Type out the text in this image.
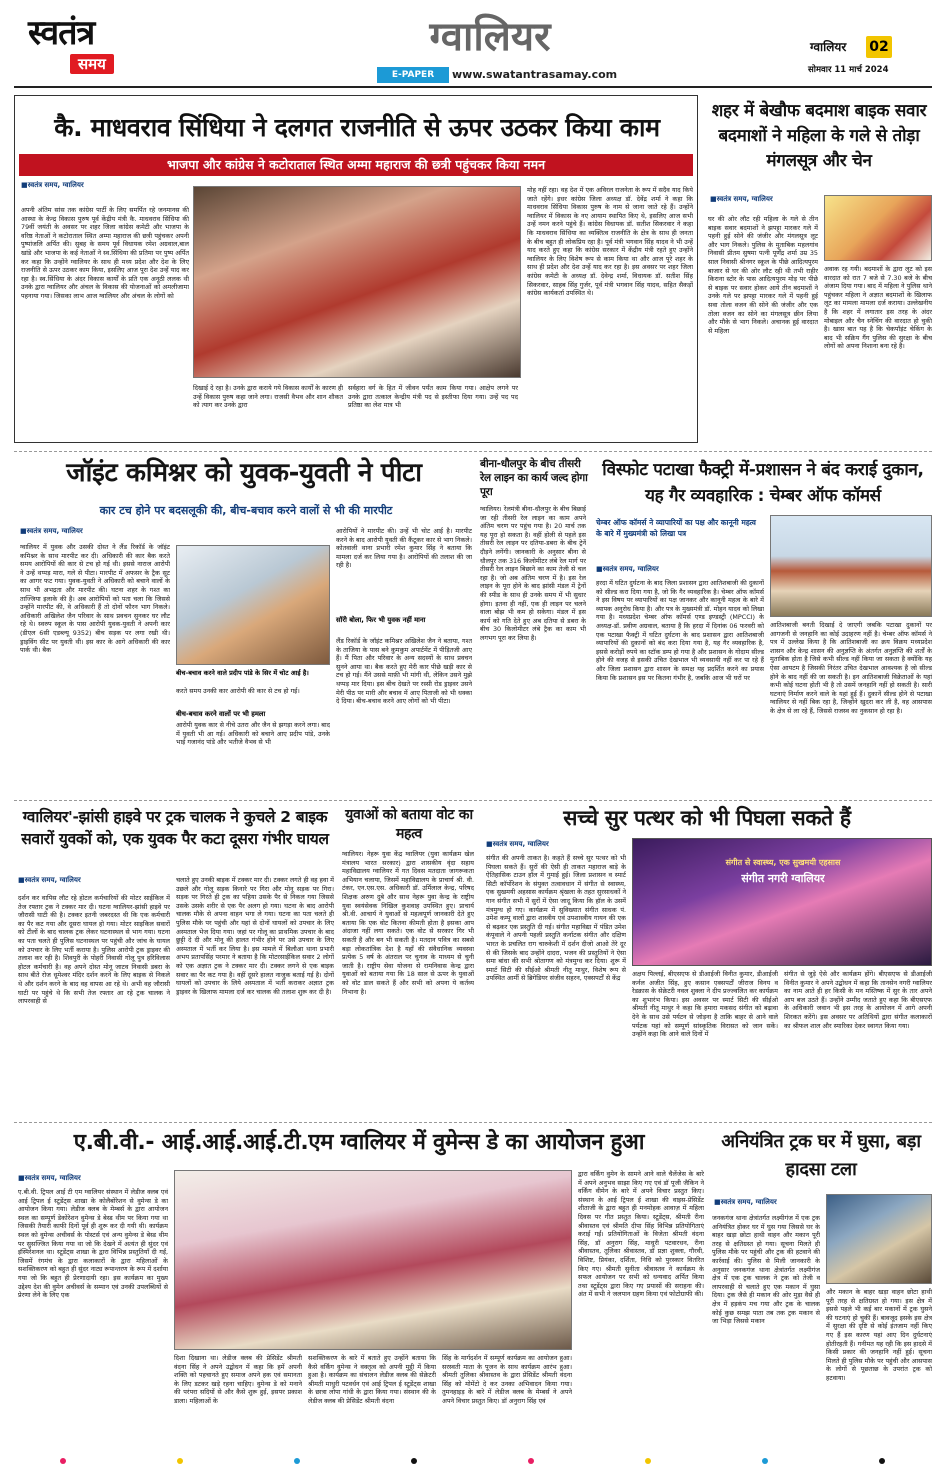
स्वतंत्र
समय
ग्वालियर
E-PAPER	www.swatantrasamay.com
ग्वालियर 02
सोमवार 11 मार्च 2024
कै. माधवराव सिंधिया ने दलगत राजनीति से ऊपर उठकर किया काम
भाजपा और कांग्रेस ने कटोराताल स्थित अम्मा महाराज की छत्री पहुंचकर किया नमन
■ स्वतंत्र समय, ग्वालियर
अपनी अंतिम सांस तक कांग्रेस पार्टी के लिए समर्पित रहे जनमानस की आस्था के केन्द्र विकास पुरुष पूर्व केंद्रीय मंत्री कै. माधवराव सिंधिया की 79वीं जयंती के अवसर पर शहर जिला कांग्रेस कमेटी और भाजपा के वरिष्ठ नेताओं ने कटोराताल स्थित अम्मा महाराज की छत्री पहुंचकर अपनी पुष्पांजलि अर्पित की। सुबह के समय पूर्व विधायक रमेश अग्रवाल,बाल खांडे और भाजपा के कई नेताओं ने स्व.सिंधिया की प्रतिमा पर पुष्प अर्पित कर कहा कि उन्होंने ग्वालियर के साथ ही मध्य प्रदेश और देश के लिए राजनीति से ऊपर उठकर काम किया, इसलिए आज पूरा देश उन्हें याद कर रहा है। स्व.सिंधिया के अंदर विकास कार्यों के प्रति एक अनूठी ललक थी उनके द्वारा ग्वालियर और अंचल के विकास की योजनाओं को अमलीजामा पहनाया गया। जिसका लाभ आज ग्वालियर और अंचल के लोगों को
दिखाई दे रहा है। उनके द्वारा कराये गये विकास कार्यों के कारण ही उन्हें विकास पुरुष कहा जाने लगा। राजसी वैभव और शान शौकत को त्याग कर उनके द्वारा
सर्वहारा वर्ग के हित में जीवन पर्यंत काम किया गया। आक्षेप लगने पर उनके द्वारा तत्काल केन्द्रीय मंत्री पद से इस्तीफा दिया गया। उन्हें पद पद प्रतिष्ठा का लेश मात्र भी
मोह नहीं रहा। वह देश में एक अविरल राजनेता के रूप में सदैव याद किये जाते रहेंगे। इधर कांग्रेस जिला अध्यक्ष डॉ. देवेंद्र शर्मा ने कहा कि माधवराव सिंधिया विकास पुरुष के नाम से जाना जाते रहे हैं। उन्होंने ग्वालियर में विकास के नए आयाम स्थापित किए थे, इसलिए आज सभी उन्हें नमन करने पहुंचे हैं। कांग्रेस विधायक डॉ. सतीश सिकरवार ने कहा कि माधवराव सिंधिया का व्यक्तित्व राजनीति के क्षेत्र के साथ ही जनता के बीच बहुत ही लोकप्रिय रहा है। पूर्व मंत्री भगवान सिंह यादव ने भी उन्हें याद करते हुए कहा कि कांग्रेस सरकार में केंद्रीय मंत्री रहते हुए उन्होंने ग्वालियर के लिए विशेष रूप से काम किया था और आज पूरे शहर के साथ ही प्रदेश और देश उन्हें याद कर रहा है। इस अवसर पर शहर जिला कांग्रेस कमेटी के अध्यक्ष डॉ. देवेन्द्र शर्मा, विधायक डॉ. सतीश सिंह सिकरवार, साहब सिंह गुर्जर, पूर्व मंत्री भगवान सिंह यादव, सहित सैकड़ों कांग्रेस कार्यकर्ता उपस्थित थे।
शहर में बेखौफ बदमाश बाइक सवार बदमाशों ने महिला के गले से तोड़ा मंगलसूत्र और चेन
■ स्वतंत्र समय, ग्वालियर
घर की ओर लौट रही महिला के गले से तीन बाइक सवार बदमाशों ने झपट्टा मारकर गले में पहनी हुई सोने की जंजीर और मंगलसूत्र लूट और भाग निकले। पुलिस के मुताबिक महलगांव निवासी प्रीतम सुषमा पत्नी पूर्णेंद्र शर्मा उम्र 35 साल निवासी श्रीनगर स्कूल के पीछे आदित्यपुरम बाजार से घर की ओर लौट रही थी तभी राहीर किराना स्टोर के पास आदित्यपुरम मोड़ पर पीछे से बाइक पर सवार होकर आये तीन बदमाशों ने उनके गले पर झपट्टा मारकर गले में पहनी हुई सवा तोला वजन की सोने की जंजीर और एक तोला वजन का सोने का मंगलसूत्र छीन लिया और मौके से भाग निकले। अचानक हुई वारदात से महिला
अवाक रह गयी। बदमाशों के द्वारा लूट को इस वारदात को रात 7 बजे से 7.30 बजे के बीच अंजाम दिया गया। बाद में महिला ने पुलिस थाने पहुंचकर महिला ने अज्ञात बदमाशों के खिलाफ लूट का मामला मामला दर्ज कराया। उल्लेखनीय है कि शहर में लगातार इस तरह के अंदर मोबाइल और चैन स्नेचिंग की वारदात हो चुकी है। खास बात यह है कि चेकपॉइंट चेकिंग के बाद भी सक्रिय गैंग पुलिस की सुरक्षा के बीच लोगों को अपना निशाना बना रहे है।
जॉइंट कमिश्नर को युवक-युवती ने पीटा
कार टच होने पर बदसलूकी की, बीच-बचाव करने वालों से भी की मारपीट
■ स्वतंत्र समय, ग्वालियर
ग्वालियर में युवक और उसकी दोस्त ने लैंड रिकॉर्ड के जॉइंट कमिश्नर के साथ मारपीट कर दी। अधिकारी की कार बैक करते समय आरोपियों की कार से टच हो गई थी। इससे नाराज आरोपी ने उन्हें थप्पड़ मारा, गले से पीटा। मारपीट में अफसर के ट्रैक सूट का आगर फट गया। युवक-युवती ने अधिकारी को बचाने वालों के साथ भी अभद्रता और मारपीट की। घटना शहर के गश्त का ताज्जिया इलाके की है। अब आरोपियों को पता चला कि जिससे उन्होंने मारपीट की, वे अधिकारी हैं तो दोनों फौरन भाग निकले। अधिकारी अखिलेश जैन परिवार के साथ प्रवचन सुनकर घर लौट रहे थे। स्वरुप स्कूल के पास आरोपी युवक-युवती ने अपनी कार (डीएल 6सी एडब्ल्यू 9352) बीच सड़क पर लगा रखी थी। ड्राइविंग सीट पर युवती थी। इस कार के आगे अधिकारी की कार पार्क थी। बैक
बीच-बचाव करने वाले प्रदीप पांडे के सिर में चोट आई है।
करते समय उनकी कार आरोपी की कार से टच हो गई।
बीच-बचाव करने वालों पर भी हमला
आरोपी युवक कार से नीचे उतरा और जैन से झगड़ा करने लगा। बाद में युवती भी आ गई। अधिकारी को बचाने आए प्रदीप पांडे, उनके भाई गजानंद पांडे और भतीजे वैभव से भी
आरोपियों ने मारपीट की। उन्हें भी चोट आई है। मारपीट करने के बाद आरोपी युवती की कैंटूकर कार से भाग निकले। कोतवाली थाना प्रभारी रमेश कुमार सिंह ने बताया कि मामला दर्ज कर लिया गया है। आरोपियों की तलाश की जा रही है।
सॉरी बोला, फिर भी युवक नहीं माना
लैंड रिकॉर्ड के जॉइंट कमिश्नर अखिलेश जैन ने बताया, गश्त के ताजिया के पास बने कुमकुम अपार्टमेंट में पीड़ितजी आए हैं। मैं पिता और परिवार के अन्य सदस्यों के साथ प्रवचन सुनने आया था। बैक करते हुए मेरी कार पीछे खड़ी कार से टच हो गई। मैंने उससे माफ़ी भी मांगी थी, लेकिन उसने मुझे थप्पड़ मार दिया। इस बीच देखते पर रस्सी रोड ड्राइवर उसने मेरी पीठ पर मारी और बचाव में आए पिताजी को भी धक्का दे दिया। बीच-बचाव करने आए लोगों को भी पीटा।
बीना-धौलपुर के बीच तीसरी रेल लाइन का कार्य जल्द होगा पूरा
ग्वालियर। रेलमंत्री बीना-धौलपुर के बीच बिछाई जा रही तीसरी रेल लाइन का काम अपने अंतिम चरण पर पहुंच गया है। 20 मार्च तक यह पूरा हो सकता है। वहीं होली से पहले इस तीसरी रेल लाइन पर दतिया-डबरा के बीच ट्रेनें दौड़ने लगेंगी। जानकारी के अनुसार बीना से धौलपुर तक 316 किलोमीटर लंबे रेल मार्ग पर तीसरी रेल लाइन बिछाने का काम तेजी से चल रहा है। जो अब अंतिम चरण में है। इस रेल लाइन के पूरा होने के बाद झांसी मंडल में ट्रेनों की स्पीड के साथ ही उनके समय में भी सुधार होगा। इतना ही नहीं, एक ही लाइन पर चलने वाला बोझ भी कम हो सकेगा। मंडल में इस कार्य को गति देते हुए अब दतिया से डबरा के बीच 30 किलोमीटर लंबे ट्रैक का काम भी लगभग पूरा कर लिया है।
विस्फोट पटाखा फैक्ट्री में-प्रशासन ने बंद कराई दुकान, यह गैर व्यवहारिक : चेम्बर ऑफ कॉमर्स
चेम्बर ऑफ कॉमर्स ने व्यापारियों का पक्ष और कानूनी महत्व के बारे में मुख्यमंत्री को लिखा पत्र
■ स्वतंत्र समय, ग्वालियर
हरदा में घटित दुर्घटना के बाद जिला प्रशासन द्वारा आतिशबाजी की दुकानों को सील्ड करा दिया गया है, जो कि गैर व्यवहारिक है। चेम्बर ऑफ कॉमर्स ने इस विषय पर व्यापारियों का पक्ष जानकर और कानूनी महत्व के बारे में व्यापक अनुरोध किया है। और पत्र के मुख्यमंत्री डॉ. मोहन यादव को लिखा गया है। मध्यप्रदेश चेम्बर ऑफ कॉमर्स एण्ड इण्डस्ट्री (MPCCI) के अध्यक्ष-डॉ. प्रवीण अग्रवाल, बताया है कि हरदा में दिनांक 06 फरवरी को एक पटाखा फैक्ट्री में घटित दुर्घटना के बाद प्रशासन द्वारा आतिशबाजी व्यापारियों की दुकानों को बंद करा दिया गया है, यह गैर व्यवहारिक है, इससे करोड़ों रुपये का स्टॉक डम्प हो गया है और प्रशासन के गोदाम सील्ड होने की वजह से इसकी उचित देखभाल भी व्यवसायी नहीं कर पा रहे हैं और जिला प्रशासन द्वारा शासन के समक्ष यह प्रदर्शित करने का प्रयास किया कि प्रशासन इस पर कितना गंभीर है, जबकि आज भी घरों पर
आतिशबाजी बनती दिखाई दे जाएगी जबकि पटाखा दुकानों पर आगजनी से जनहानि का कोई उदाहरण नहीं है। चेम्बर ऑफ कॉमर्स ने पत्र में उल्लेख किया है कि आतिशबाजी का क्रय विक्रय मध्यप्रदेश शासन और केन्द्र शासन की अनुज्ञप्ति के अंतर्गत अनुज्ञप्ति की शर्तों के मुताबिक होता है जिसे कभी सील्ड नहीं किया जा सकता है क्योंकि यह ऐसा आयटम है जिसकी निरंतर उचित देखभाल आवश्यक है जो सील्ड होने के बाद नहीं की जा सकती है। इन आतिशबाजी विक्रेताओं के यहां कभी कोई घटना होती भी है तो उसमें जनहानि नहीं हो सकती है। सारी घटनाएं निर्माण करने वाले के यहां हुई हैं। दुकानें सील्ड होने से पटाखा ग्वालियर से नहीं बिक रहा है, जिन्होंने खुदरा कर ली है, वह आसपास के क्षेत्र से ला रहे हैं, जिससे राजस्व का नुकसान हो रहा है।
ग्वालियर'-झांसी हाइवे पर ट्रक चालक ने कुचले 2 बाइक सवारों युवकों को, एक युवक पैर कटा दूसरा गंभीर घायल
■ स्वतंत्र समय, ग्वालियर
दर्शन कर वापिस लौट रहे होटल कर्मचारियों की मोटर साईकिल में तेज रफ्तार ट्रक ने टक्कर मार दी। घटना ग्वालियर-झांसी हाइवे पर जौरासी घाटी की है। टक्कर इतनी जबरदस्त थी कि एक कर्मचारी का पैर कट गया और दूसरा घायल हो गया। मोटर साइकिल सवारों को टीलों के बाद चालक ट्रक लेकर घटनास्थल से भाग गया। घटना का पता चलते ही पुलिस घटनास्थल पर पहुंची और जांच के घायल को उपचार के लिए भर्ती कराया है। पुलिस आरोपी ट्रक ड्राइवर की तलाश कर रही है। शिवपुरी के पोहरी निवासी गोलू पुत्र हरिविलास होटल कर्मचारी है। वह अपने दोस्त मोनू जाटव निवासी डबरा के साथ बीते रोज धूमेश्वर मंदिर दर्शन करने के लिए बाइक से निकले थे और दर्शन करने के बाद वह वापस आ रहे थे। अभी वह जौरासी घाटी पर पहुंचे थे कि सभी तेज रफ्तार आ रहे ट्रक चालक ने लापरवाही से
चलाते हुए उनकी बाइक में टक्कर मार दी। टक्कर लगते ही वह हवा में उछले और गोलू सड़क किनारे पर गिरा और मोनू सड़क पर गिरा। सड़क पर गिरते ही ट्रक का पहिया उसके पैर से निकल गया जिससे उसके उसके शरीर से एक पैर अलग हो गया। घटना के बाद आरोपी चालक मौके से अपना वाहन भगा ले गया। घटना का पता चलते ही पुलिस मौके पर पहुंची और यहां से दोनों घायलों को उपचार के लिए अस्पताल भेज दिया गया। जहां पर गोलू का प्राथमिक उपचार के बाद छुट्टी दे दी और मोनू की हालत गंभीर होने पर उसे उपचार के लिए अस्पताल में भर्ती कर लिया है। इस मामले में बिलौआ थाना प्रभारी अभय प्रतापसिंह परमार ने बताया है कि मोटरसाईकिल सवार 2 लोगों को एक अज्ञात ट्रक ने टक्कर मार दी। टक्कर लगने से एक बाइक सवार का पैर कट गया है। वहीं दूसरे हालत नाजुक बताई गई है। दोनों घायलों को उपचार के लिये अस्पताल में भर्ती कराकर अज्ञात ट्रक ड्राइवर के खिलाफ मामला दर्ज कर चालक की तलाश शुरू कर दी है।
युवाओं को बताया वोट का महत्व
ग्वालियर। नेहरू युवा केंद्र ग्वालियर (युवा कार्यक्रम खेल मंत्रालय भारत सरकार) द्वारा शासकीय वृंदा सहाय महाविद्यालय ग्वालियर में गत दिवस मतदाता जागरूकता अभियान चलाया, जिसमें महाविद्यालय के प्राचार्य श्री. वी. टंकर, एन.एस.एस. अधिकारी डॉ. उर्मिलाल केन्द्र, परिषद शिक्षक अरुण दुबे और साथ नेहरू युवा केन्द्र के राष्ट्रीय युवा स्वयंसेवक निखिल कुशवाह उपस्थित हुए। प्राचार्य श्री.वी. आचार्य ने युवाओं से महत्वपूर्ण जानकारी देते हुए बताया कि एक वोट कितना कीमती होता है इसका आप अंदाजा नहीं लगा सकते। एक वोट से सरकार गिर भी सकती है और बन भी सकती है। मतदान पवित्र का सबसे बड़ा लोकतांत्रिक देश है यहाँ की संवैधानिक व्यवस्था प्रत्येक 5 वर्ष के अंतराल पर चुनाव के माध्यम से चुनी जाती है। राष्ट्रीय सेवा योजना से रामनिवास केन्द्र द्वारा युवाओं को बताया गया कि 18 साल से ऊपर के युवाओं को वोट डाल सकते हैं और सभी को अपना ये कर्तव्य निभाना है।
सच्चे सुर पत्थर को भी पिघला सकते हैं
■ स्वतंत्र समय, ग्वालियर
संगीत की अपनी ताकत है। कहते हैं सच्चे सुर पत्थर को भी पिघला सकते हैं। सुरों की ऐसी ही ताकत महाराज बाड़े के ऐतिहासिक टाउन हॉल में गुमाई हुई। जिला प्रशासन व स्मार्ट सिटी कॉर्पोरेशन के संयुक्त तत्वावधान में संगीत से स्वास्थ्य, एक सुखमयी अहसास कार्यक्रम श्रृंखला के तहत सुरसाधकों ने गान संगीत सभी में सुरों में ऐसा जादू किया कि हॉल के उसमें मंत्रमुग्ध हो गए। कार्यक्रम में सुविख्यात संगीत साधक पं. उमेश कम्पू वालों द्वारा शास्त्रीय एवं उपशास्त्रीय गायन की एक से बढ़कर एक प्रस्तुति दी गई। संगीत महाविद्या में पंडित उमेश कंपूवाले ने अपनी पहली प्रस्तुति कर्नाटक संगीत और दक्षिण भारत के प्रचलित राग चारुकेशी में दर्शन दीजो आओ तेरे दूर से की जिसके बाद उन्होंने दादरा, भजन की प्रस्तुतियों ने ऐसा समा बांधा की सभी श्रोतागण को मंत्रमुग्ध कर दिया। शुरू में स्मार्ट सिटी की सीईओ श्रीमती नीतू माथुर, विशेष रूप से उपस्थित आर्मी से ब्रिगेडियर संजीव सहरन, एक्सपर्टों से केंद्र
संगीत से स्वास्थ्य, एक सुखमयी एहसास
संगीत नगरी ग्वालियर
अक्षय पिल्लई, बीएसएफ से डीआईजी विनीत कुमार, डीआईजी कर्नल अजीत सिंह, हुए कसान एक्सपर्टों जीराज विनय व रेडक्रास के सेक्रेटरी नवल शुक्ला ने दीप प्रज्ज्वलित कर कार्यक्रम का शुभारंभ किया। इस अवसर पर स्मार्ट सिटी की सीईओ श्रीमती नीतू माथुर ने कहा कि हमारा मकसद संगीत को बढ़ावा देने के साथ उसे पर्यटन से जोड़ना है ताकि बाहर से आने वाले पर्यटक यहां को सम्पूर्ण सांस्कृतिक विरासत को जान सकें। उन्होंने कहा कि आने वाले दिनों में
संगीत से जुड़े ऐसे और कार्यक्रम होंगे। बीएसएफ से डीआईजी विनीत कुमार ने अपने उद्बोधन में कहा कि तानसेन नगरी ग्वालियर का नाम आते ही हर किसी के मन मस्तिष्क में सुर के तार अपने आप बज उठते हैं। उन्होंने उम्मीद जताते हुए कहा कि बीएसएफ के अधिकारी जवान भी इस तरह के आयोजन में आगे अपनी शिरकत करेंगे। इस अवसर पर अतिथियों द्वारा संगीत कलाकारों का श्रीफल शाल और स्मारिका देकर स्वागत किया गया।
ए.बी.वी.- आई.आई.आई.टी.एम ग्वालियर में वुमेन्स डे का आयोजन हुआ
■ स्वतंत्र समय, ग्वालियर
ए.बी.वी. ट्रिपल आई टी एम ग्वालियर संस्थान में लेडीज क्लब एवं आई ट्रिपल ई स्टूडेंट्स शाखा के कोलैबोरेशन से वुमेन्स डे का आयोजन किया गया। लेडीज क्लब के मेम्बर्स के द्वारा आयोजन स्थल का सम्पूर्ण डेकोरेशन वुमेन्स डे बेस्ड थीम पर किया गया था जिसकी तैयारी काफी दिनों पूर्व ही शुरू कर दी गयी थी। कार्यक्रम स्थल को वुमेन्स अचीवर्स के पोस्टर्स एवं अन्य वुमेन्स डे बेस्ड थीम पर सुसज्जित किया गया था जो कि देखने में अत्यंत ही सुंदर एवं इंस्पिरेशनल था। स्टूडेंट्स शाखा के द्वारा विभिन्न प्रस्तुतियाँ दी गईं, जिसमें रंगमंच के द्वारा कलाकारों के द्वारा महिलाओं के सशक्तिकरण को बहुत ही सुंदर नाट्य रूपान्तरण के रूप में दर्शाया गया जो कि बहुत ही प्रेरणादायी रहा। इस कार्यक्रम का मुख्य उद्देश्य देश की वुमेन अचीवर्स के सम्मान एवं उनकी उपलब्धियों से प्रेरणा लेने के लिए एक
दिशा दिखाना था। लेडीज क्लब की प्रेसिडेंट श्रीमती वंदना सिंह ने अपने उद्बोधन में कहा कि हमें अपनी शक्ति को पहचानते हुए समाज अपने हक एवं समानता के लिए डटकर खड़े रहना चाहिए। वुमेन्स डे को मनाने की परंपरा सदियों से और कैसे शुरू हुई, इसपर प्रकाश डाला। महिलाओं के
सशक्तिकरण के बारे में बताते हुए उन्होंने बताया कि कैसे वर्किंग वुमेन्स ने वक्तृत्व को अपनी मुट्ठी में किया हुआ है। कार्यक्रम का संचालन लेडीज क्लब की सेक्रेटरी श्रीमती माधुरी पटवर्धन एवं आई ट्रिपल ई स्टूडेंट्स शाखा के छात्रा लोपा गांधी के द्वारा किया गया। संस्थान की के लेडीज क्लब की प्रेसिडेंट श्रीमती वंदना
सिंह के मार्गदर्शन में सम्पूर्ण कार्यक्रम का आयोजन हुआ। सरस्वती माता के पूजन के साथ कार्यक्रम आरंभ हुआ। श्रीमती तुलिका श्रीवास्तव के द्वारा प्रेसिडेंट श्रीमती वंदना सिंह को मोमेंटो दे कर उनका अभिवादन किया गया। तुमनहाइड़ के बारे में लेडीज क्लब के मेम्बर्स ने अपने अपने विचार प्रस्तुत किए। डॉ अनुराग सिंह एवं
द्वारा वर्किंग वुमेन के सामने आने वाले चैलेंजेस के बारे में अपने अनुभव साझा किए गए एवं डॉ पूजी जैकिन ने वर्किंग वीमेन के बारे में अपने विचार प्रस्तुत किए। संस्थान के आई ट्रिपल ई शाखा की वाइस-प्रेसिडेंट शीताजी के द्वारा बहुत ही मनमोहक आवाज़ में महिला दिवस पर गीत प्रस्तुत किया। स्टूडेंट्स, श्रीमती रीना श्रीवास्तव एवं श्रीमति दीपा सिंह विभिन्न प्रतियोगिताएं कराई गईं। प्रतियोगिताओं के विजेता श्रीमती वंदना सिंह, डॉ अनुराग सिंह, माधुरी पटवारधन, रीना श्रीवास्तव, तूलिका श्रीवास्तव, डॉ प्रज्ञा शुक्ला, गौरवी, विशिष्ट, प्रियंका, दर्शिता, निधि को पुरस्कार वितरित किए गए। श्रीमती सुनीता श्रीवास्तव ने कार्यक्रम के सफल आयोजन पर सभी को धन्यवाद अर्पित किया तथा स्टूडेंट्स द्वारा किए गए प्रयासों की सराहना की। अंत में सभी ने जलपान ग्रहण किया एवं फोटोग्राफी की।
अनियंत्रित ट्रक घर में घुसा, बड़ा हादसा टला
■ स्वतंत्र समय, ग्वालियर
जनकगंज थाना क्षेत्रांतर्गत लक्ष्मीगंज में एक ट्रक अनियंत्रित होकर घर में घुस गया जिससे घर के बाहर खड़ा छोटा हाथी वाहन और मकान पूरी तरह से क्षतिग्रस्त हो गया। सूचना मिलते ही पुलिस मौके पर पहुंची और ट्रक की हटवाने की कार्रवाई की। पुलिस से मिली जानकारी के अनुसार जनकगंज थाना क्षेत्रांतर्गत लक्ष्मीगंज क्षेत्र में एक ट्रक चालक ने ट्रक को तेजी व लापरवाही से चलाते हुए एक मकान में घुसा दिया। ट्रक जैसे ही मकान की ओर मुड़ा वैसे ही क्षेत्र में हड़कंप मच गया और ट्रक के चालक कोई कुछ समझ पाता तब तक ट्रक मकान से जा भिड़ा जिससे मकान
और मकान के बाहर खड़ा वाहन छोटा हाथी पूरी तरह से क्षतिग्रस्त हो गया। इस क्षेत्र में इससे पहले भी कई बार मकानों में ट्रक घुसने की घटनाएं हो चुकी हैं। बावजूद इसके इस क्षेत्र में सुरक्षा की दृष्टि से कोई इंतजाम नहीं किए गए हैं इस कारण यहां आए दिन दुर्घटनाएं होतीरहती हैं। गनीमत यह रही कि इस हादसे में किसी प्रकार की जनहानि नहीं हुई। सूचना मिलते ही पुलिस मौके पर पहुंची और आसपास के लोगों से पूछताछ के उपरांत ट्रक को हटवाया।
